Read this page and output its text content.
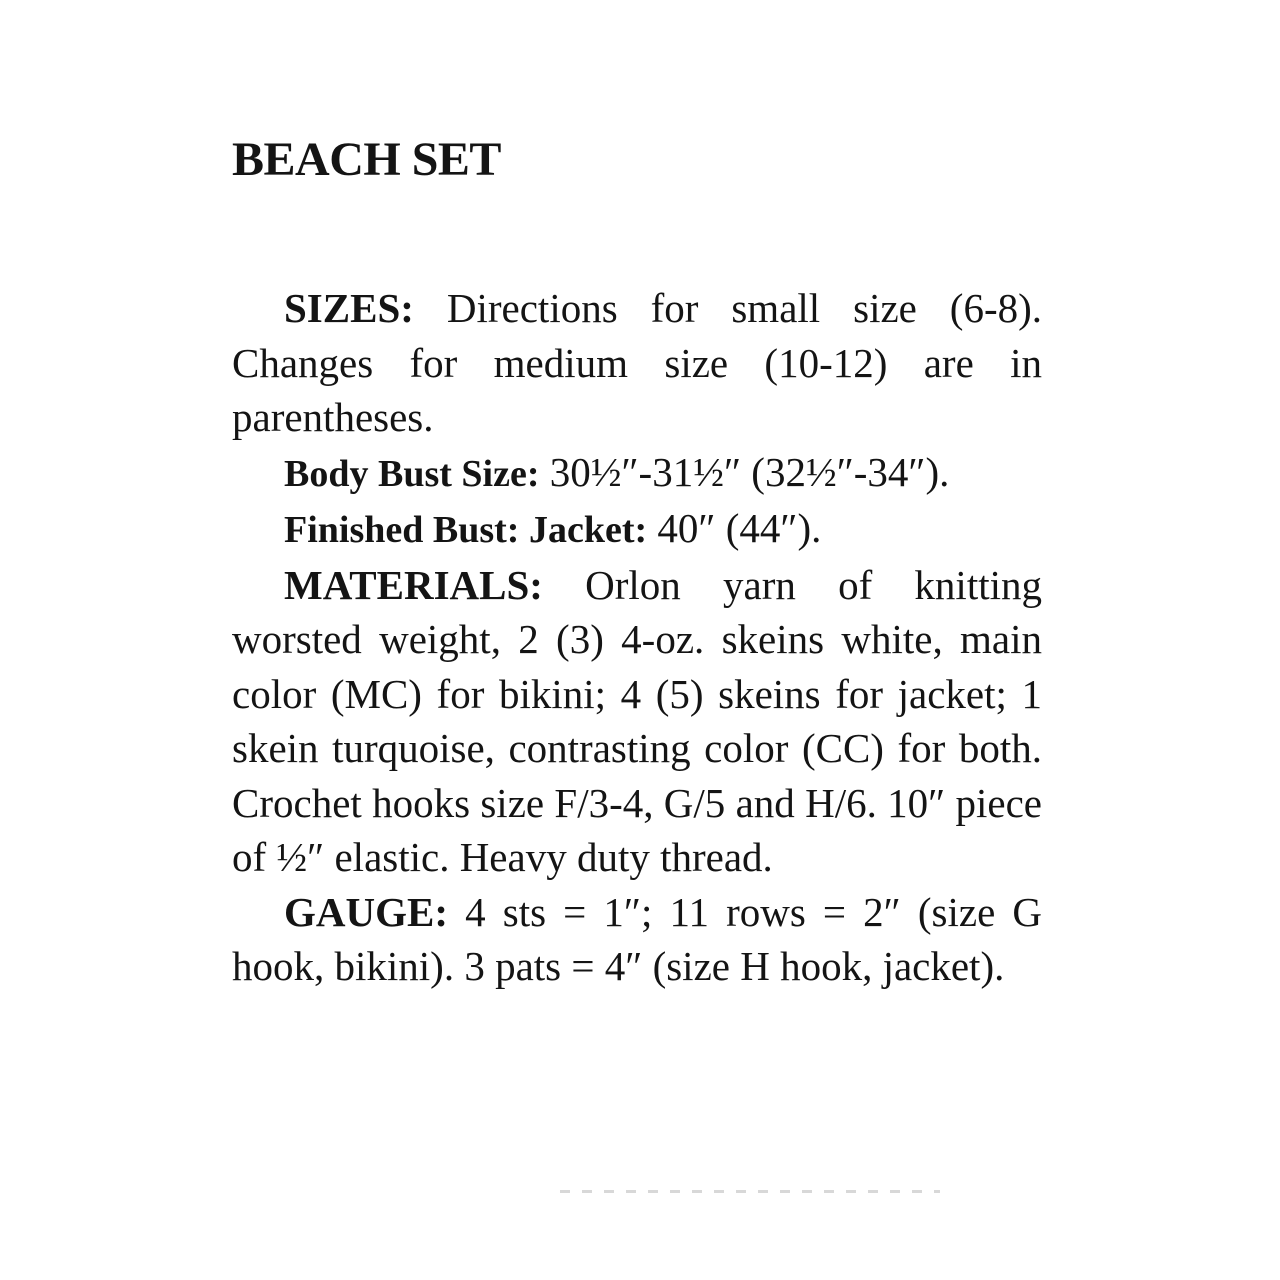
BEACH SET

SIZES: Directions for small size (6-8). Changes for medium size (10-12) are in parentheses.

Body Bust Size: 30½″-31½″ (32½″-34″).

Finished Bust: Jacket: 40″ (44″).

MATERIALS: Orlon yarn of knitting worsted weight, 2 (3) 4-oz. skeins white, main color (MC) for bikini; 4 (5) skeins for jacket; 1 skein turquoise, contrasting color (CC) for both. Crochet hooks size F/3-4, G/5 and H/6. 10″ piece of ½″ elastic. Heavy duty thread.

GAUGE: 4 sts = 1″; 11 rows = 2″ (size G hook, bikini). 3 pats = 4″ (size H hook, jacket).
